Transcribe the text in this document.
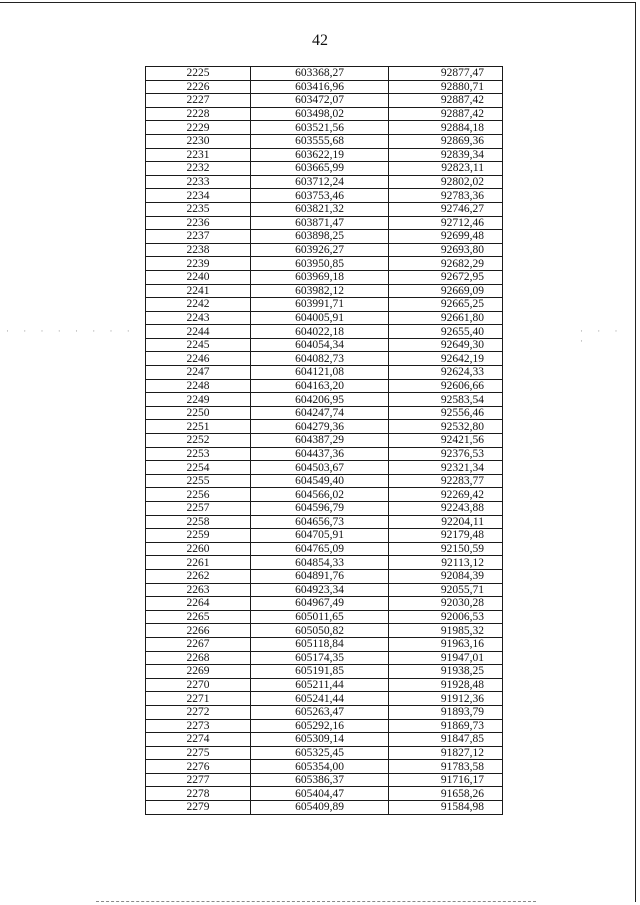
42
· · · · · · · ·	· · · ·
2225	603368,27	92877,47
2226	603416,96	92880,71
2227	603472,07	92887,42
2228	603498,02	92887,42
2229	603521,56	92884,18
2230	603555,68	92869,36
2231	603622,19	92839,34
2232	603665,99	92823,11
2233	603712,24	92802,02
2234	603753,46	92783,36
2235	603821,32	92746,27
2236	603871,47	92712,46
2237	603898,25	92699,48
2238	603926,27	92693,80
2239	603950,85	92682,29
2240	603969,18	92672,95
2241	603982,12	92669,09
2242	603991,71	92665,25
2243	604005,91	92661,80
2244	604022,18	92655,40
2245	604054,34	92649,30
2246	604082,73	92642,19
2247	604121,08	92624,33
2248	604163,20	92606,66
2249	604206,95	92583,54
2250	604247,74	92556,46
2251	604279,36	92532,80
2252	604387,29	92421,56
2253	604437,36	92376,53
2254	604503,67	92321,34
2255	604549,40	92283,77
2256	604566,02	92269,42
2257	604596,79	92243,88
2258	604656,73	92204,11
2259	604705,91	92179,48
2260	604765,09	92150,59
2261	604854,33	92113,12
2262	604891,76	92084,39
2263	604923,34	92055,71
2264	604967,49	92030,28
2265	605011,65	92006,53
2266	605050,82	91985,32
2267	605118,84	91963,16
2268	605174,35	91947,01
2269	605191,85	91938,25
2270	605211,44	91928,48
2271	605241,44	91912,36
2272	605263,47	91893,79
2273	605292,16	91869,73
2274	605309,14	91847,85
2275	605325,45	91827,12
2276	605354,00	91783,58
2277	605386,37	91716,17
2278	605404,47	91658,26
2279	605409,89	91584,98
